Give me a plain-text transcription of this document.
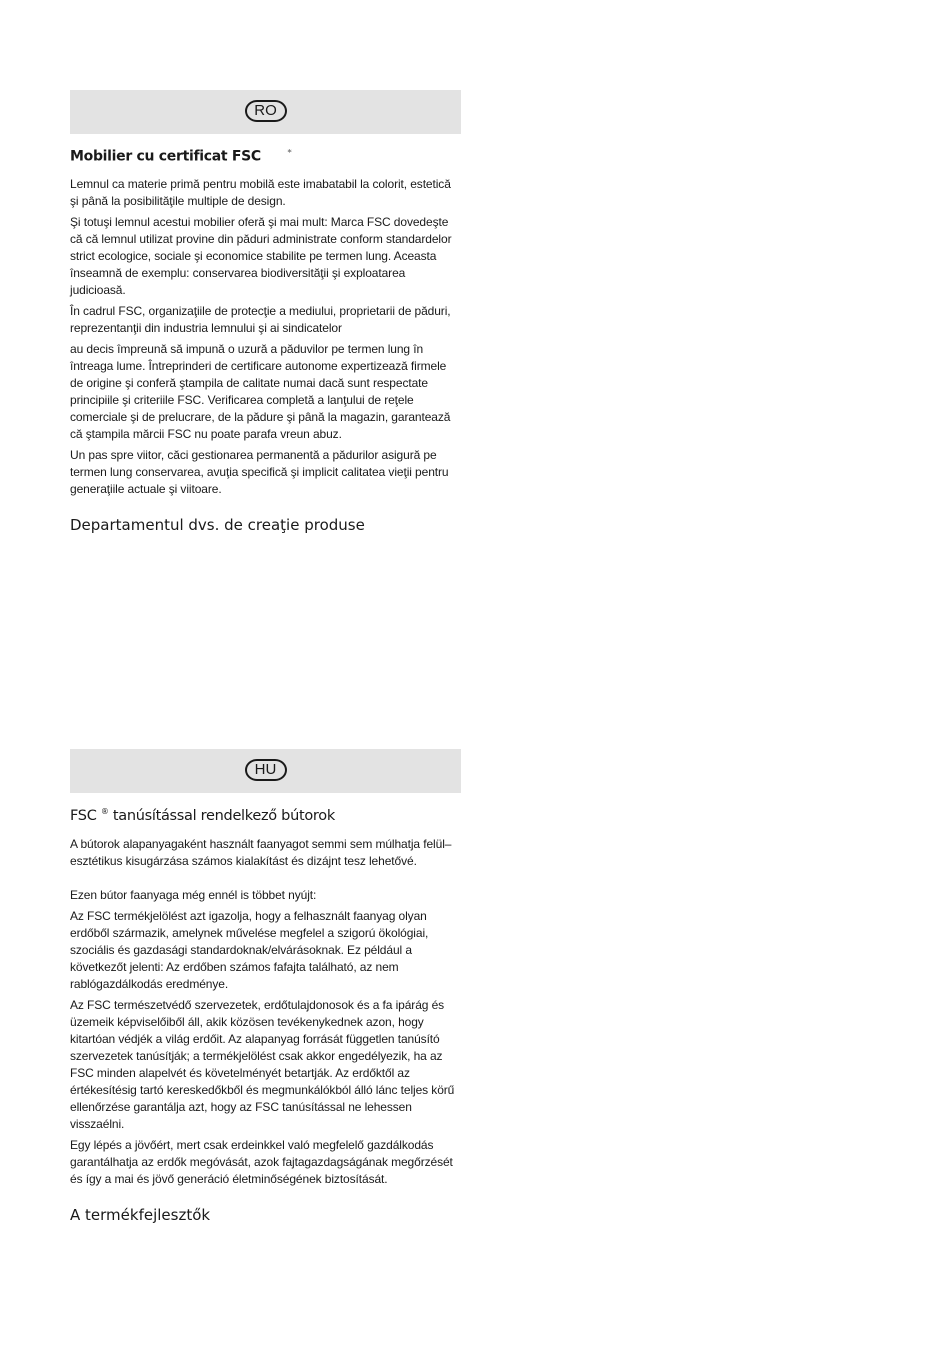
RO
Mobilier cu certificat FSC	*

Lemnul ca materie primă pentru mobilă este imabatabil la colorit, estetică şi până la posibilităţile multiple de design.

Şi totuşi lemnul acestui mobilier oferă şi mai mult: Marca FSC dovedeşte că că lemnul utilizat provine din păduri administrate conform standardelor strict ecologice, sociale şi economice stabilite pe termen lung. Aceasta înseamnă de exemplu: conservarea biodiversităţii şi exploatarea judicioasă.

În cadrul FSC, organizaţiile de protecţie a mediului, proprietarii de păduri, reprezentanţii din industria lemnului şi ai sindicatelor

au decis împreună să impună o uzură a păduvilor pe termen lung în întreaga lume. Întreprinderi de certificare autonome expertizează firmele de origine şi conferă ştampila de calitate numai dacă sunt respectate principiile şi criteriile FSC. Verificarea completă a lanţului de reţele comerciale şi de prelucrare, de la pădure şi până la magazin, garantează că ştampila mărcii FSC nu poate parafa vreun abuz.

Un pas spre viitor, căci gestionarea permanentă a pădurilor asigură pe termen lung conservarea, avuţia specifică şi implicit calitatea vieţii pentru generaţiile actuale şi viitoare.

Departamentul dvs. de creaţie produse

HU
FSC ® tanúsítással rendelkező bútorok

A bútorok alapanyagaként használt faanyagot semmi sem múlhatja felül–esztétikus kisugárzása számos kialakítást és dizájnt tesz lehetővé.

Ezen bútor faanyaga még ennél is többet nyújt:

Az FSC termékjelölést azt igazolja, hogy a felhasznált faanyag olyan erdőből származik, amelynek művelése megfelel a szigorú ökológiai, szociális és gazdasági standardoknak/elvárásoknak. Ez például a következőt jelenti: Az erdőben számos fafajta található, az nem rablógazdálkodás eredménye.

Az FSC természetvédő szervezetek, erdőtulajdonosok és a fa ipárág és üzemeik képviselőiből áll, akik közösen tevékenykednek azon, hogy kitartóan védjék a világ erdőit. Az alapanyag forrását független tanúsító szervezetek tanúsítják; a termékjelölést csak akkor engedélyezik, ha az FSC minden alapelvét és követelményét betartják. Az erdőktől az értékesítésig tartó kereskedőkből és megmunkálókból álló lánc teljes körű ellenőrzése garantálja azt, hogy az FSC tanúsítással ne lehessen visszaélni.

Egy lépés a jövőért, mert csak erdeinkkel való megfelelő gazdálkodás garantálhatja az erdők megóvását, azok fajtagazdagságának megőrzését és így a mai és jövő generáció életminőségének biztosítását.

A termékfejlesztők
